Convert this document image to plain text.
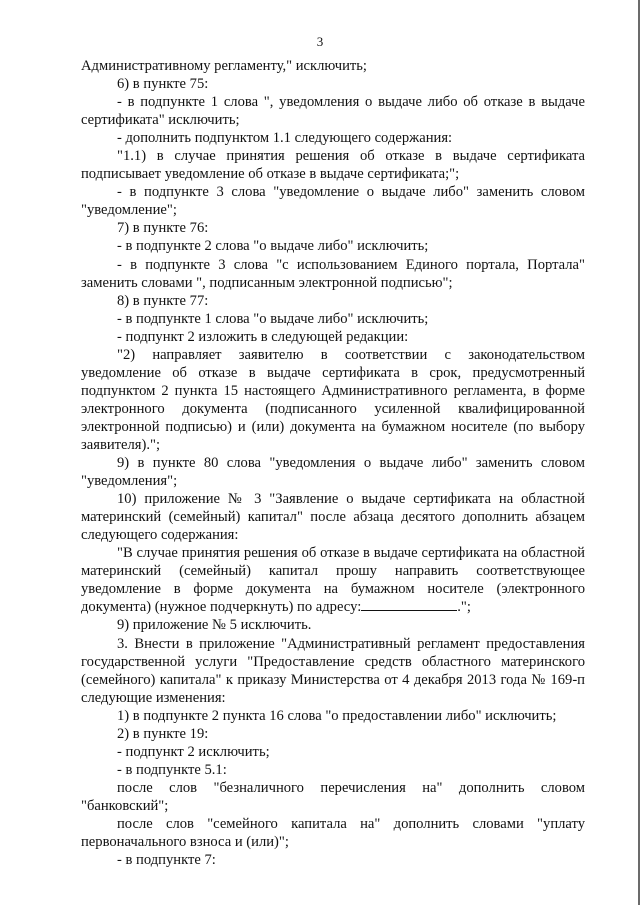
3

Административному регламенту," исключить;

6) в пункте 75:

- в подпункте 1 слова ", уведомления о выдаче либо об отказе в выдаче сертификата" исключить;

- дополнить подпунктом 1.1 следующего содержания:

"1.1) в случае принятия решения об отказе в выдаче сертификата подписывает уведомление об отказе в выдаче сертификата;";

- в подпункте 3 слова "уведомление о выдаче либо" заменить словом "уведомление";

7) в пункте 76:

- в подпункте 2 слова "о выдаче либо" исключить;

- в подпункте 3 слова "с использованием Единого портала, Портала" заменить словами ", подписанным электронной подписью";

8) в пункте 77:

- в подпункте 1 слова "о выдаче либо" исключить;

- подпункт 2 изложить в следующей редакции:

"2) направляет заявителю в соответствии с законодательством уведомление об отказе в выдаче сертификата в срок, предусмотренный подпунктом 2 пункта 15 настоящего Административного регламента, в форме электронного документа (подписанного усиленной квалифицированной электронной подписью) и (или) документа на бумажном носителе (по выбору заявителя).";

9) в пункте 80 слова "уведомления о выдаче либо" заменить словом "уведомления";

10) приложение № 3 "Заявление о выдаче сертификата на областной материнский (семейный) капитал" после абзаца десятого дополнить абзацем следующего содержания:

"В случае принятия решения об отказе в выдаче сертификата на областной материнский (семейный) капитал прошу направить соответствующее уведомление в форме документа на бумажном носителе (электронного документа) (нужное подчеркнуть) по адресу:	.";

9) приложение № 5 исключить.

3. Внести в приложение "Административный регламент предоставления государственной услуги "Предоставление средств областного материнского (семейного) капитала" к приказу Министерства от 4 декабря 2013 года № 169-п следующие изменения:

1) в подпункте 2 пункта 16 слова "о предоставлении либо" исключить;

2) в пункте 19:

- подпункт 2 исключить;

- в подпункте 5.1:

после слов "безналичного перечисления на" дополнить словом "банковский";

после слов "семейного капитала на" дополнить словами "уплату первоначального взноса и (или)";

- в подпункте 7:
